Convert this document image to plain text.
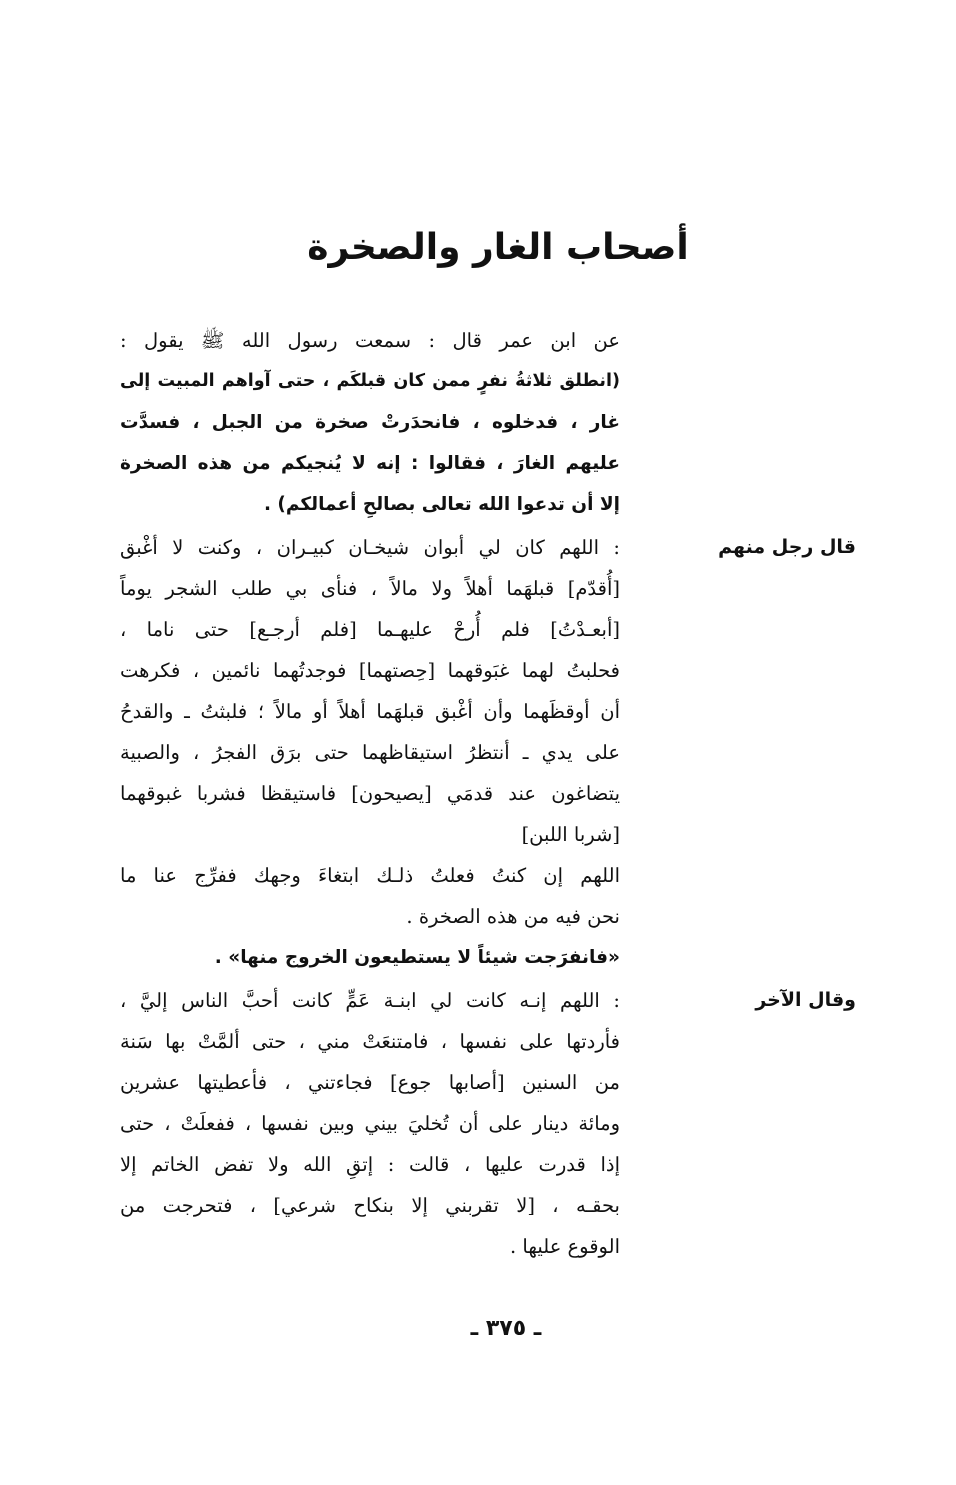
أصحاب الغار والصخرة
عن ابن عمر قال : سمعت رسول الله ﷺ يقول :
(انطلق ثلاثةُ نفرٍ ممن كان قبلكَم ، حتى آواهم المبيت إلى
غار ، فدخلوه ، فانحدَرتْ صخرة من الجبل ، فسدَّت
عليهم الغارَ ، فقالوا : إنه لا يُنجيكم من هذه الصخرة
إلا أن تدعوا الله تعالى بصالحِ أعمالكم) .
قال رجل منهم
: اللهم كان لي أبوان شيخـان كبيـران ، وكنت لا أغْبق
[أُقدّم] قبلهَما أهلاً ولا مالاً ، فنأى بي طلب الشجر يوماً
[أبعـدْتُ] فلم أُرحْ عليهـما [فلم أرجـع] حتى ناما ،
فحلبتُ لهما غبَوقهما [حِصتهما] فوجدتُهما نائمين ، فكرهت
أن أوقظَهما وأن أغْبق قبلهَما أهلاً أو مالاً ؛ فلبثتُ ـ والقدحُ
على يدي ـ أنتظرُ استيقاظهما حتى برَق الفجرُ ، والصبية
يتضاغون عند قدمَي [يصيحون] فاستيقظا فشربا غبوقهما
[شربا اللبن]
اللهم إن كنتُ فعلتُ ذلـك ابتغاءَ وجهك ففرِّج عنا ما
نحن فيه من هذه الصخرة .
«فانفرَجت شيئاً لا يستطيعون الخروج منها» .
وقال الآخر
: اللهم إنـه كانت لي ابنـة عَمٍّ كانت أحبَّ الناس إليَّ ،
فأردتها على نفسها ، فامتنعَتْ مني ، حتى ألمَّتْ بها سَنة
من السنين [أصابها جوع] فجاءتني ، فأعطيتها عشرين
ومائة دينار على أن تُخليَ بيني وبين نفسها ، ففعلَتْ ، حتى
إذا قدرت عليها ، قالت : إتقِ الله ولا تفض الخاتم إلا
بحقـه ، [لا تقربني إلا بنكاح شرعي] ، فتحرجت من
الوقوع عليها .
ـ ٣٧٥ ـ
